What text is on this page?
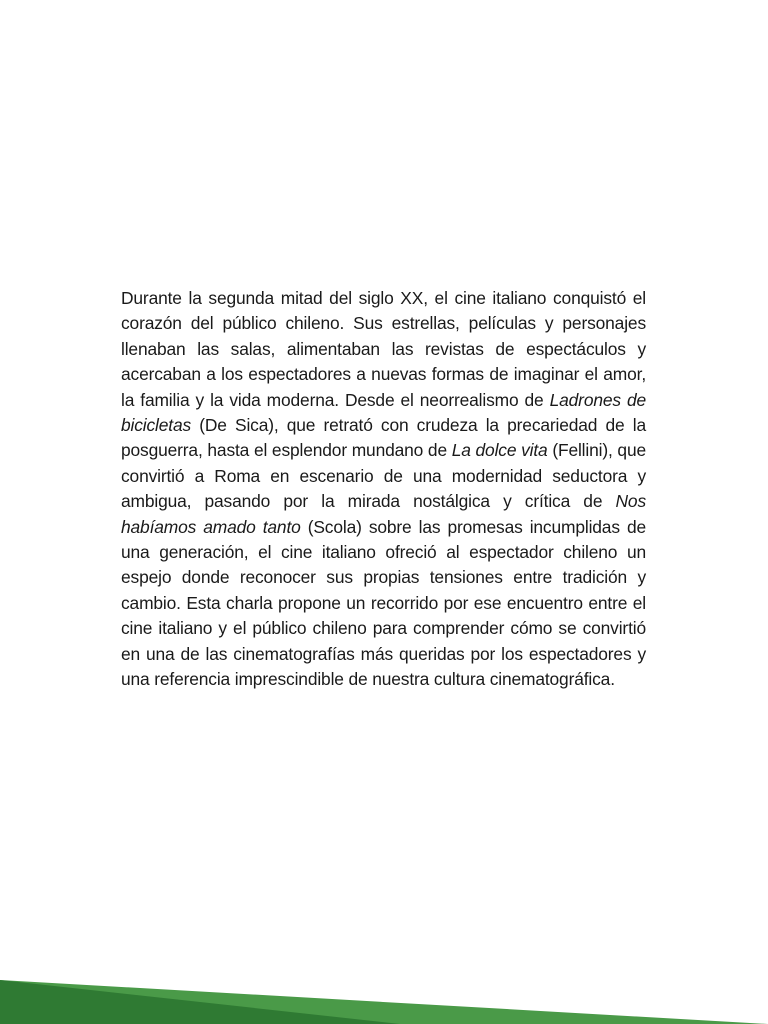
Durante la segunda mitad del siglo XX, el cine italiano conquistó el corazón del público chileno. Sus estrellas, películas y personajes llenaban las salas, alimentaban las revistas de espectáculos y acercaban a los espectadores a nuevas formas de imaginar el amor, la familia y la vida moderna. Desde el neorrealismo de Ladrones de bicicletas (De Sica), que retrató con crudeza la precariedad de la posguerra, hasta el esplendor mundano de La dolce vita (Fellini), que convirtió a Roma en escenario de una modernidad seductora y ambigua, pasando por la mirada nostálgica y crítica de Nos habíamos amado tanto (Scola) sobre las promesas incumplidas de una generación, el cine italiano ofreció al espectador chileno un espejo donde reconocer sus propias tensiones entre tradición y cambio. Esta charla propone un recorrido por ese encuentro entre el cine italiano y el público chileno para comprender cómo se convirtió en una de las cinematografías más queridas por los espectadores y una referencia imprescindible de nuestra cultura cinematográfica.
